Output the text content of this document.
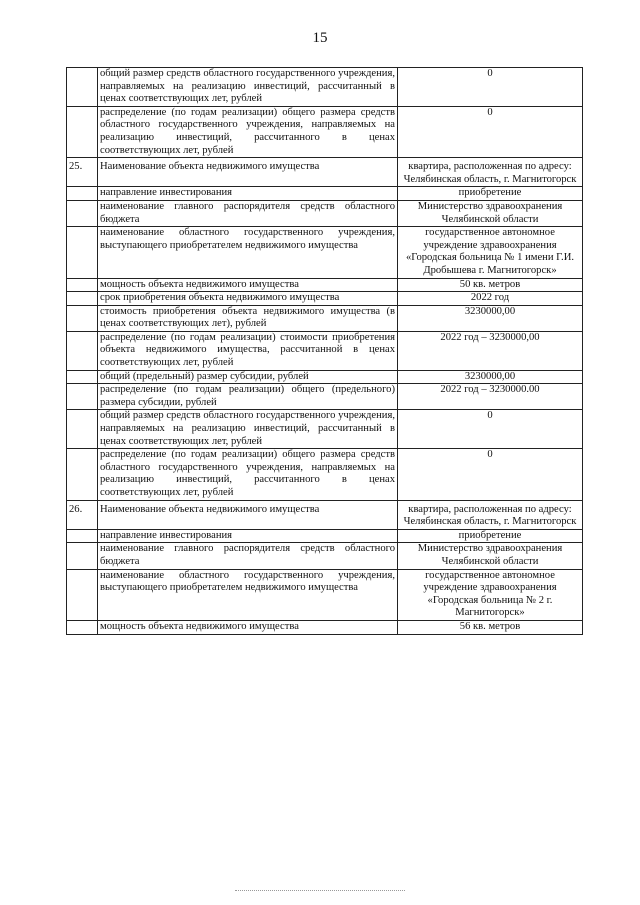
15
	общий размер средств областного государственного учреждения, направляемых на реализацию инвестиций, рассчитанный в ценах соответствующих лет, рублей	0
	распределение (по годам реализации) общего размера средств областного государственного учреждения, направляемых на реализацию инвестиций, рассчитанного в ценах соответствующих лет, рублей	0
25.	Наименование объекта недвижимого имущества	квартира, расположенная по адресу: Челябинская область, г. Магнитогорск
	направление инвестирования	приобретение
	наименование главного распорядителя средств областного бюджета	Министерство здравоохранения Челябинской области
	наименование областного государственного учреждения, выступающего приобретателем недвижимого имущества	государственное автономное учреждение здравоохранения «Городская больница № 1 имени Г.И. Дробышева г. Магнитогорск»
	мощность объекта недвижимого имущества	50 кв. метров
	срок приобретения объекта недвижимого имущества	2022 год
	стоимость приобретения объекта недвижимого имущества (в ценах соответствующих лет), рублей	3230000,00
	распределение (по годам реализации) стоимости приобретения объекта недвижимого имущества, рассчитанной в ценах соответствующих лет, рублей	2022 год – 3230000,00
	общий (предельный) размер субсидии, рублей	3230000,00
	распределение (по годам реализации) общего (предельного) размера субсидии, рублей	2022 год – 3230000.00
	общий размер средств областного государственного учреждения, направляемых на реализацию инвестиций, рассчитанный в ценах соответствующих лет, рублей	0
	распределение (по годам реализации) общего размера средств областного государственного учреждения, направляемых на реализацию инвестиций, рассчитанного в ценах соответствующих лет, рублей	0
26.	Наименование объекта недвижимого имущества	квартира, расположенная по адресу: Челябинская область, г. Магнитогорск
	направление инвестирования	приобретение
	наименование главного распорядителя средств областного бюджета	Министерство здравоохранения Челябинской области
	наименование областного государственного учреждения, выступающего приобретателем недвижимого имущества	государственное автономное учреждение здравоохранения «Городская больница № 2 г. Магнитогорск»
	мощность объекта недвижимого имущества	56 кв. метров
